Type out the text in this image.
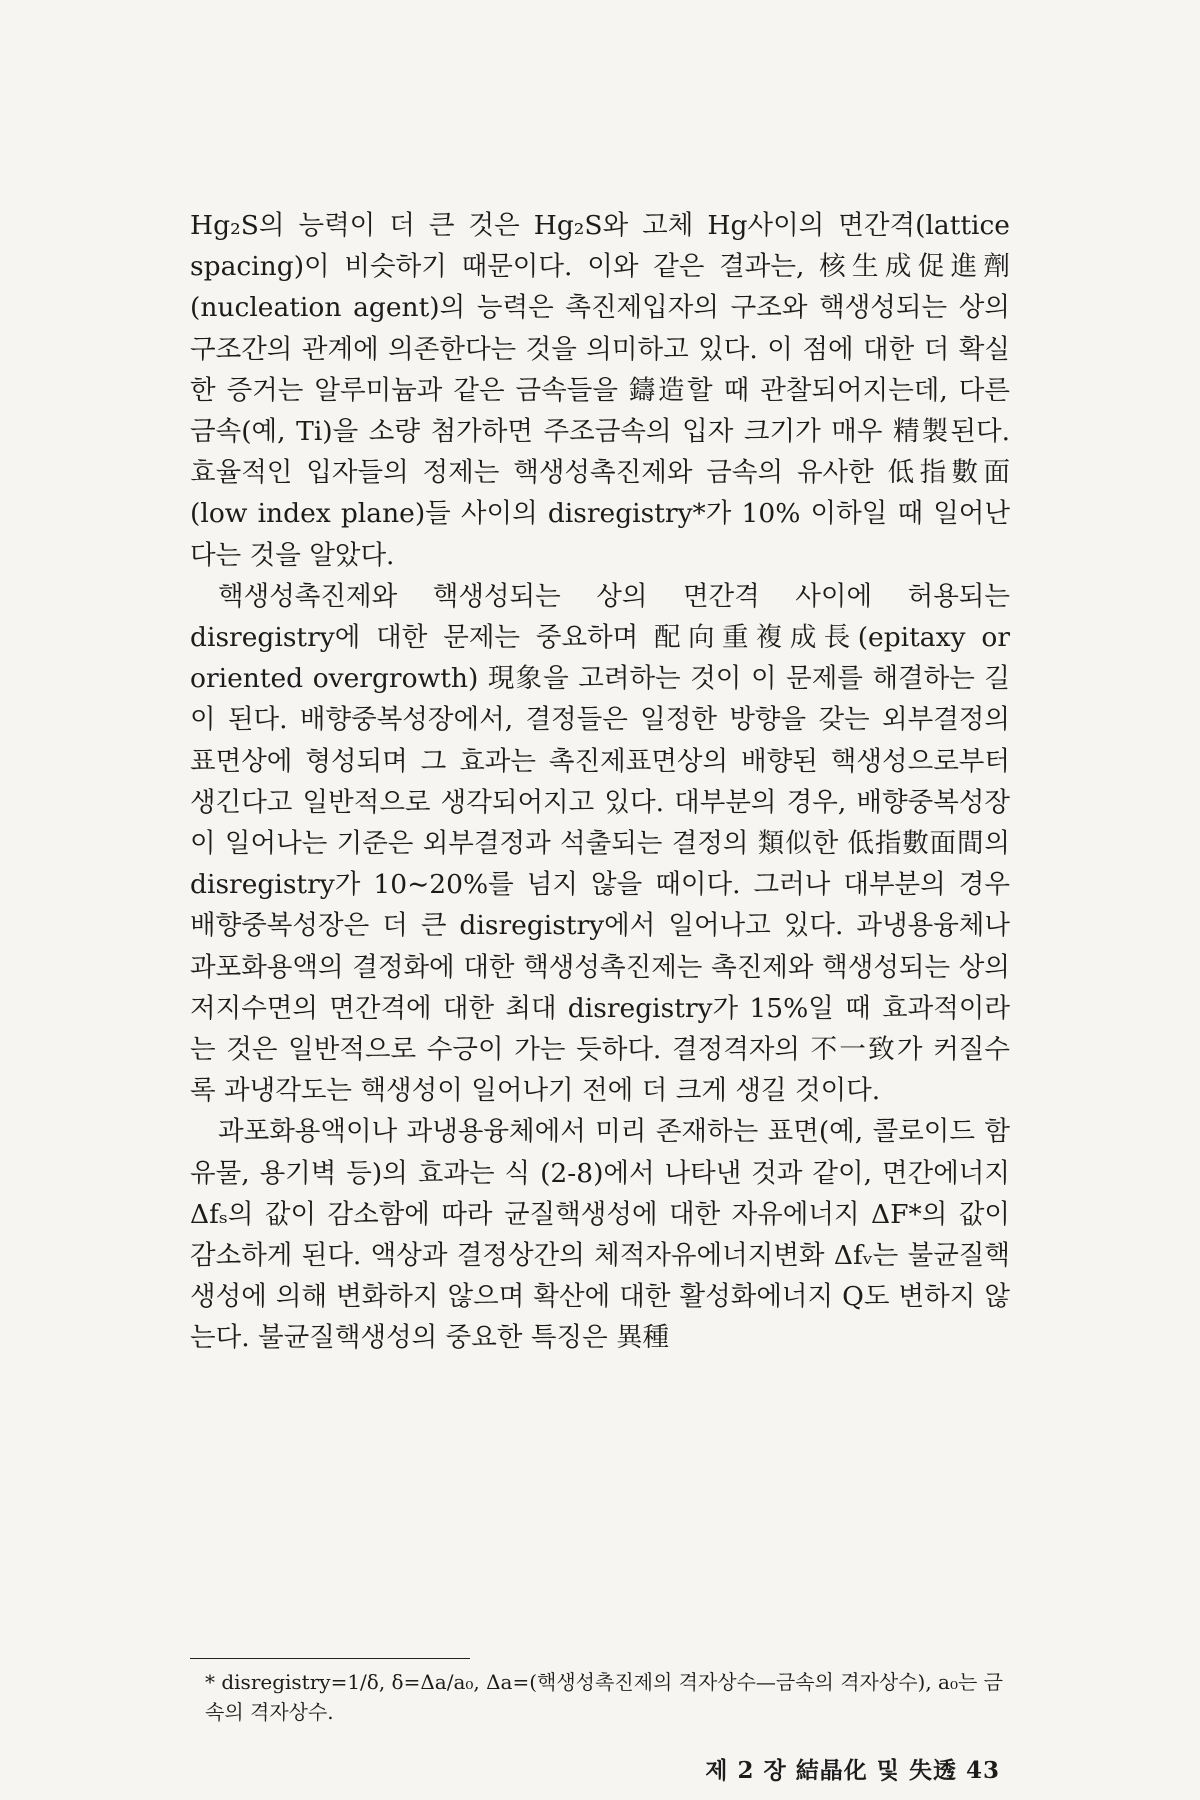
Hg₂S의 능력이 더 큰 것은 Hg₂S와 고체 Hg사이의 면간격(lattice spacing)이 비슷하기 때문이다. 이와 같은 결과는, 核生成促進劑(nucleation agent)의 능력은 촉진제입자의 구조와 핵생성되는 상의 구조간의 관계에 의존한다는 것을 의미하고 있다. 이 점에 대한 더 확실한 증거는 알루미늄과 같은 금속들을 鑄造할 때 관찰되어지는데, 다른 금속(예, Ti)을 소량 첨가하면 주조금속의 입자 크기가 매우 精製된다. 효율적인 입자들의 정제는 핵생성촉진제와 금속의 유사한 低指數面(low index plane)들 사이의 disregistry*가 10% 이하일 때 일어난다는 것을 알았다.

핵생성촉진제와 핵생성되는 상의 면간격 사이에 허용되는 disregistry에 대한 문제는 중요하며 配向重複成長(epitaxy or oriented overgrowth) 現象을 고려하는 것이 이 문제를 해결하는 길이 된다. 배향중복성장에서, 결정들은 일정한 방향을 갖는 외부결정의 표면상에 형성되며 그 효과는 촉진제표면상의 배향된 핵생성으로부터 생긴다고 일반적으로 생각되어지고 있다. 대부분의 경우, 배향중복성장이 일어나는 기준은 외부결정과 석출되는 결정의 類似한 低指數面間의 disregistry가 10∼20%를 넘지 않을 때이다. 그러나 대부분의 경우 배향중복성장은 더 큰 disregistry에서 일어나고 있다. 과냉용융체나 과포화용액의 결정화에 대한 핵생성촉진제는 촉진제와 핵생성되는 상의 저지수면의 면간격에 대한 최대 disregistry가 15%일 때 효과적이라는 것은 일반적으로 수긍이 가는 듯하다. 결정격자의 不一致가 커질수록 과냉각도는 핵생성이 일어나기 전에 더 크게 생길 것이다.

과포화용액이나 과냉용융체에서 미리 존재하는 표면(예, 콜로이드 함유물, 용기벽 등)의 효과는 식 (2-8)에서 나타낸 것과 같이, 면간에너지 Δfₛ의 값이 감소함에 따라 균질핵생성에 대한 자유에너지 ΔF*의 값이 감소하게 된다. 액상과 결정상간의 체적자유에너지변화 Δfᵥ는 불균질핵생성에 의해 변화하지 않으며 확산에 대한 활성화에너지 Q도 변하지 않는다. 불균질핵생성의 중요한 특징은 異種

* disregistry=1/δ, δ=Δa/a₀, Δa=(핵생성촉진제의 격자상수—금속의 격자상수), a₀는 금속의 격자상수.
제 2 장 結晶化 및 失透 43
